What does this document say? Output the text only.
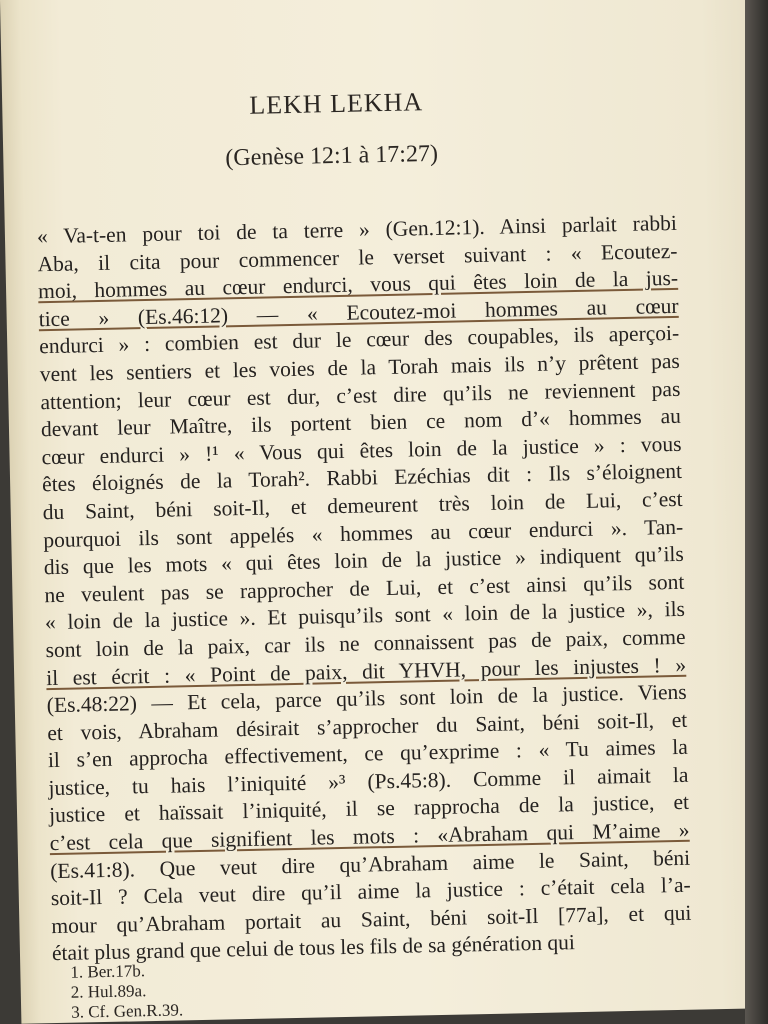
LEKH LEKHA
(Genèse 12:1 à 17:27)
« Va-t-en pour toi de ta terre » (Gen.12:1). Ainsi parlait rabbi
Aba, il cita pour commencer le verset suivant : « Ecoutez-
moi, hommes au cœur endurci, vous qui êtes loin de la jus-
tice » (Es.46:12) — « Ecoutez-moi hommes au cœur
endurci » : combien est dur le cœur des coupables, ils aperçoi-
vent les sentiers et les voies de la Torah mais ils n’y prêtent pas
attention; leur cœur est dur, c’est dire qu’ils ne reviennent pas
devant leur Maître, ils portent bien ce nom d’« hommes au
cœur endurci » !¹ « Vous qui êtes loin de la justice » : vous
êtes éloignés de la Torah². Rabbi Ezéchias dit : Ils s’éloignent
du Saint, béni soit-Il, et demeurent très loin de Lui, c’est
pourquoi ils sont appelés « hommes au cœur endurci ». Tan-
dis que les mots « qui êtes loin de la justice » indiquent qu’ils
ne veulent pas se rapprocher de Lui, et c’est ainsi qu’ils sont
« loin de la justice ». Et puisqu’ils sont « loin de la justice », ils
sont loin de la paix, car ils ne connaissent pas de paix, comme
il est écrit : « Point de paix, dit YHVH, pour les injustes ! »
(Es.48:22) — Et cela, parce qu’ils sont loin de la justice. Viens
et vois, Abraham désirait s’approcher du Saint, béni soit-Il, et
il s’en approcha effectivement, ce qu’exprime : « Tu aimes la
justice, tu hais l’iniquité »³ (Ps.45:8). Comme il aimait la
justice et haïssait l’iniquité, il se rapprocha de la justice, et
c’est cela que signifient les mots : «Abraham qui M’aime »
(Es.41:8). Que veut dire qu’Abraham aime le Saint, béni
soit-Il ? Cela veut dire qu’il aime la justice : c’était cela l’a-
mour qu’Abraham portait au Saint, béni soit-Il [77a], et qui
était plus grand que celui de tous les fils de sa génération qui
1. Ber.17b.
2. Hul.89a.
3. Cf. Gen.R.39.
